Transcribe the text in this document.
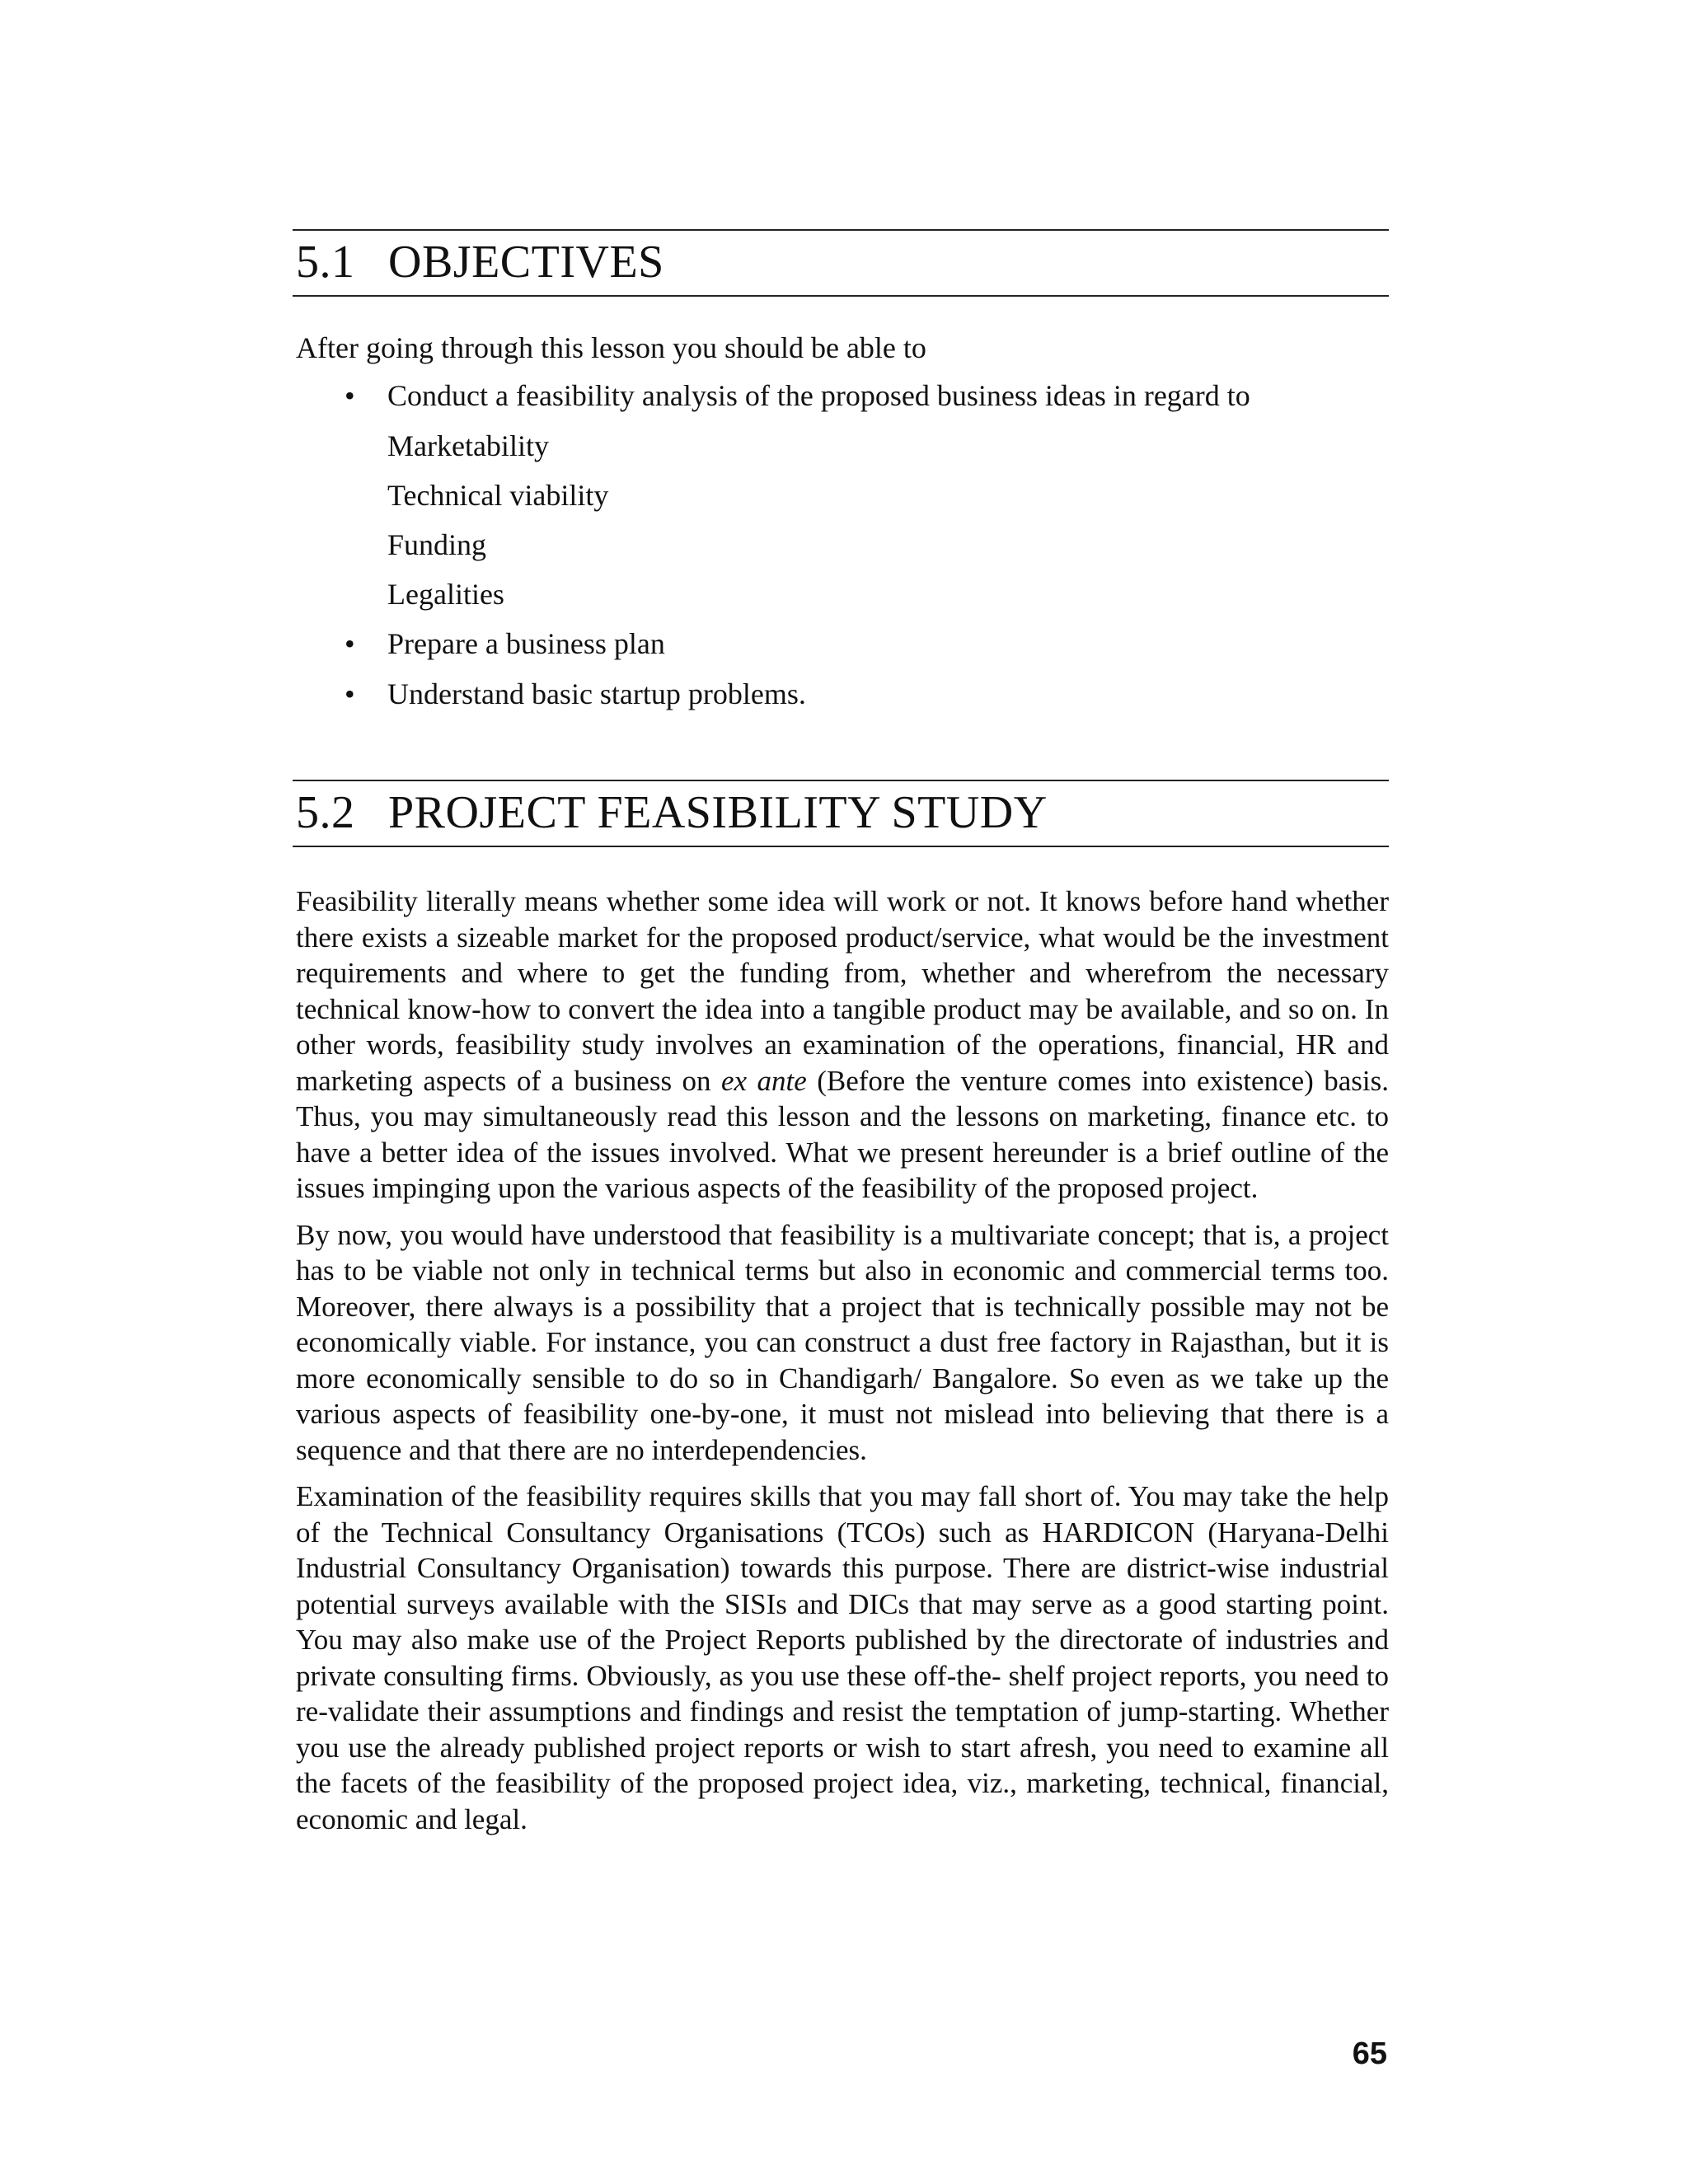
5.1 OBJECTIVES

After going through this lesson you should be able to

• Conduct a feasibility analysis of the proposed business ideas in regard to
Marketability
Technical viability
Funding
Legalities
• Prepare a business plan
• Understand basic startup problems.
5.2 PROJECT FEASIBILITY STUDY

Feasibility literally means whether some idea will work or not. It knows before hand whether there exists a sizeable market for the proposed product/service, what would be the investment requirements and where to get the funding from, whether and wherefrom the necessary technical know-how to convert the idea into a tangible product may be available, and so on. In other words, feasibility study involves an examination of the operations, financial, HR and marketing aspects of a business on ex ante (Before the venture comes into existence) basis. Thus, you may simultaneously read this lesson and the lessons on marketing, finance etc. to have a better idea of the issues involved. What we present hereunder is a brief outline of the issues impinging upon the various aspects of the feasibility of the proposed project.

By now, you would have understood that feasibility is a multivariate concept; that is, a project has to be viable not only in technical terms but also in economic and commercial terms too. Moreover, there always is a possibility that a project that is technically possible may not be economically viable. For instance, you can construct a dust free factory in Rajasthan, but it is more economically sensible to do so in Chandigarh/ Bangalore. So even as we take up the various aspects of feasibility one-by-one, it must not mislead into believing that there is a sequence and that there are no interdependencies.

Examination of the feasibility requires skills that you may fall short of. You may take the help of the Technical Consultancy Organisations (TCOs) such as HARDICON (Haryana-Delhi Industrial Consultancy Organisation) towards this purpose. There are district-wise industrial potential surveys available with the SISIs and DICs that may serve as a good starting point. You may also make use of the Project Reports published by the directorate of industries and private consulting firms. Obviously, as you use these off-the- shelf project reports, you need to re-validate their assumptions and findings and resist the temptation of jump-starting. Whether you use the already published project reports or wish to start afresh, you need to examine all the facets of the feasibility of the proposed project idea, viz., marketing, technical, financial, economic and legal.

65
